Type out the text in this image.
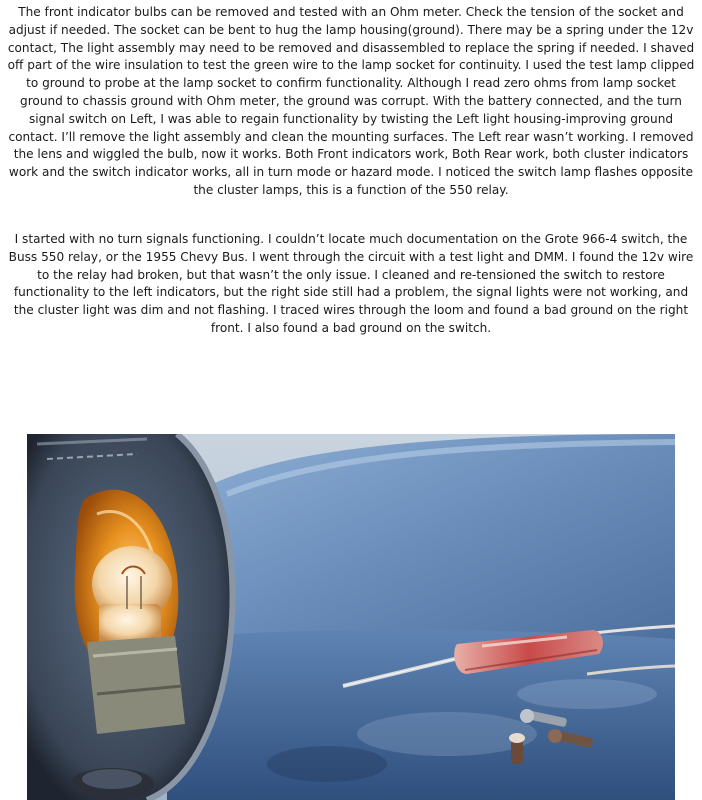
The front indicator bulbs can be removed and tested with an Ohm meter. Check the tension of the socket and adjust if needed. The socket can be bent to hug the lamp housing(ground). There may be a spring under the 12v contact, The light assembly may need to be removed and disassembled to replace the spring if needed. I shaved off part of the wire insulation to test the green wire to the lamp socket for continuity. I used the test lamp clipped to ground to probe at the lamp socket to confirm functionality. Although I read zero ohms from lamp socket ground to chassis ground with Ohm meter, the ground was corrupt. With the battery connected, and the turn signal switch on Left, I was able to regain functionality by twisting the Left light housing-improving ground contact. I’ll remove the light assembly and clean the mounting surfaces. The Left rear wasn’t working. I removed the lens and wiggled the bulb, now it works. Both Front indicators work, Both Rear work, both cluster indicators work and the switch indicator works, all in turn mode or hazard mode. I noticed the switch lamp flashes opposite the cluster lamps, this is a function of the 550 relay.

I started with no turn signals functioning. I couldn’t locate much documentation on the Grote 966-4 switch, the Buss 550 relay, or the 1955 Chevy Bus. I went through the circuit with a test light and DMM. I found the 12v wire to the relay had broken, but that wasn’t the only issue. I cleaned and re-tensioned the switch to restore functionality to the left indicators, but the right side still had a problem, the signal lights were not working, and the cluster light was dim and not flashing. I traced wires through the loom and found a bad ground on the right front. I also found a bad ground on the switch.
